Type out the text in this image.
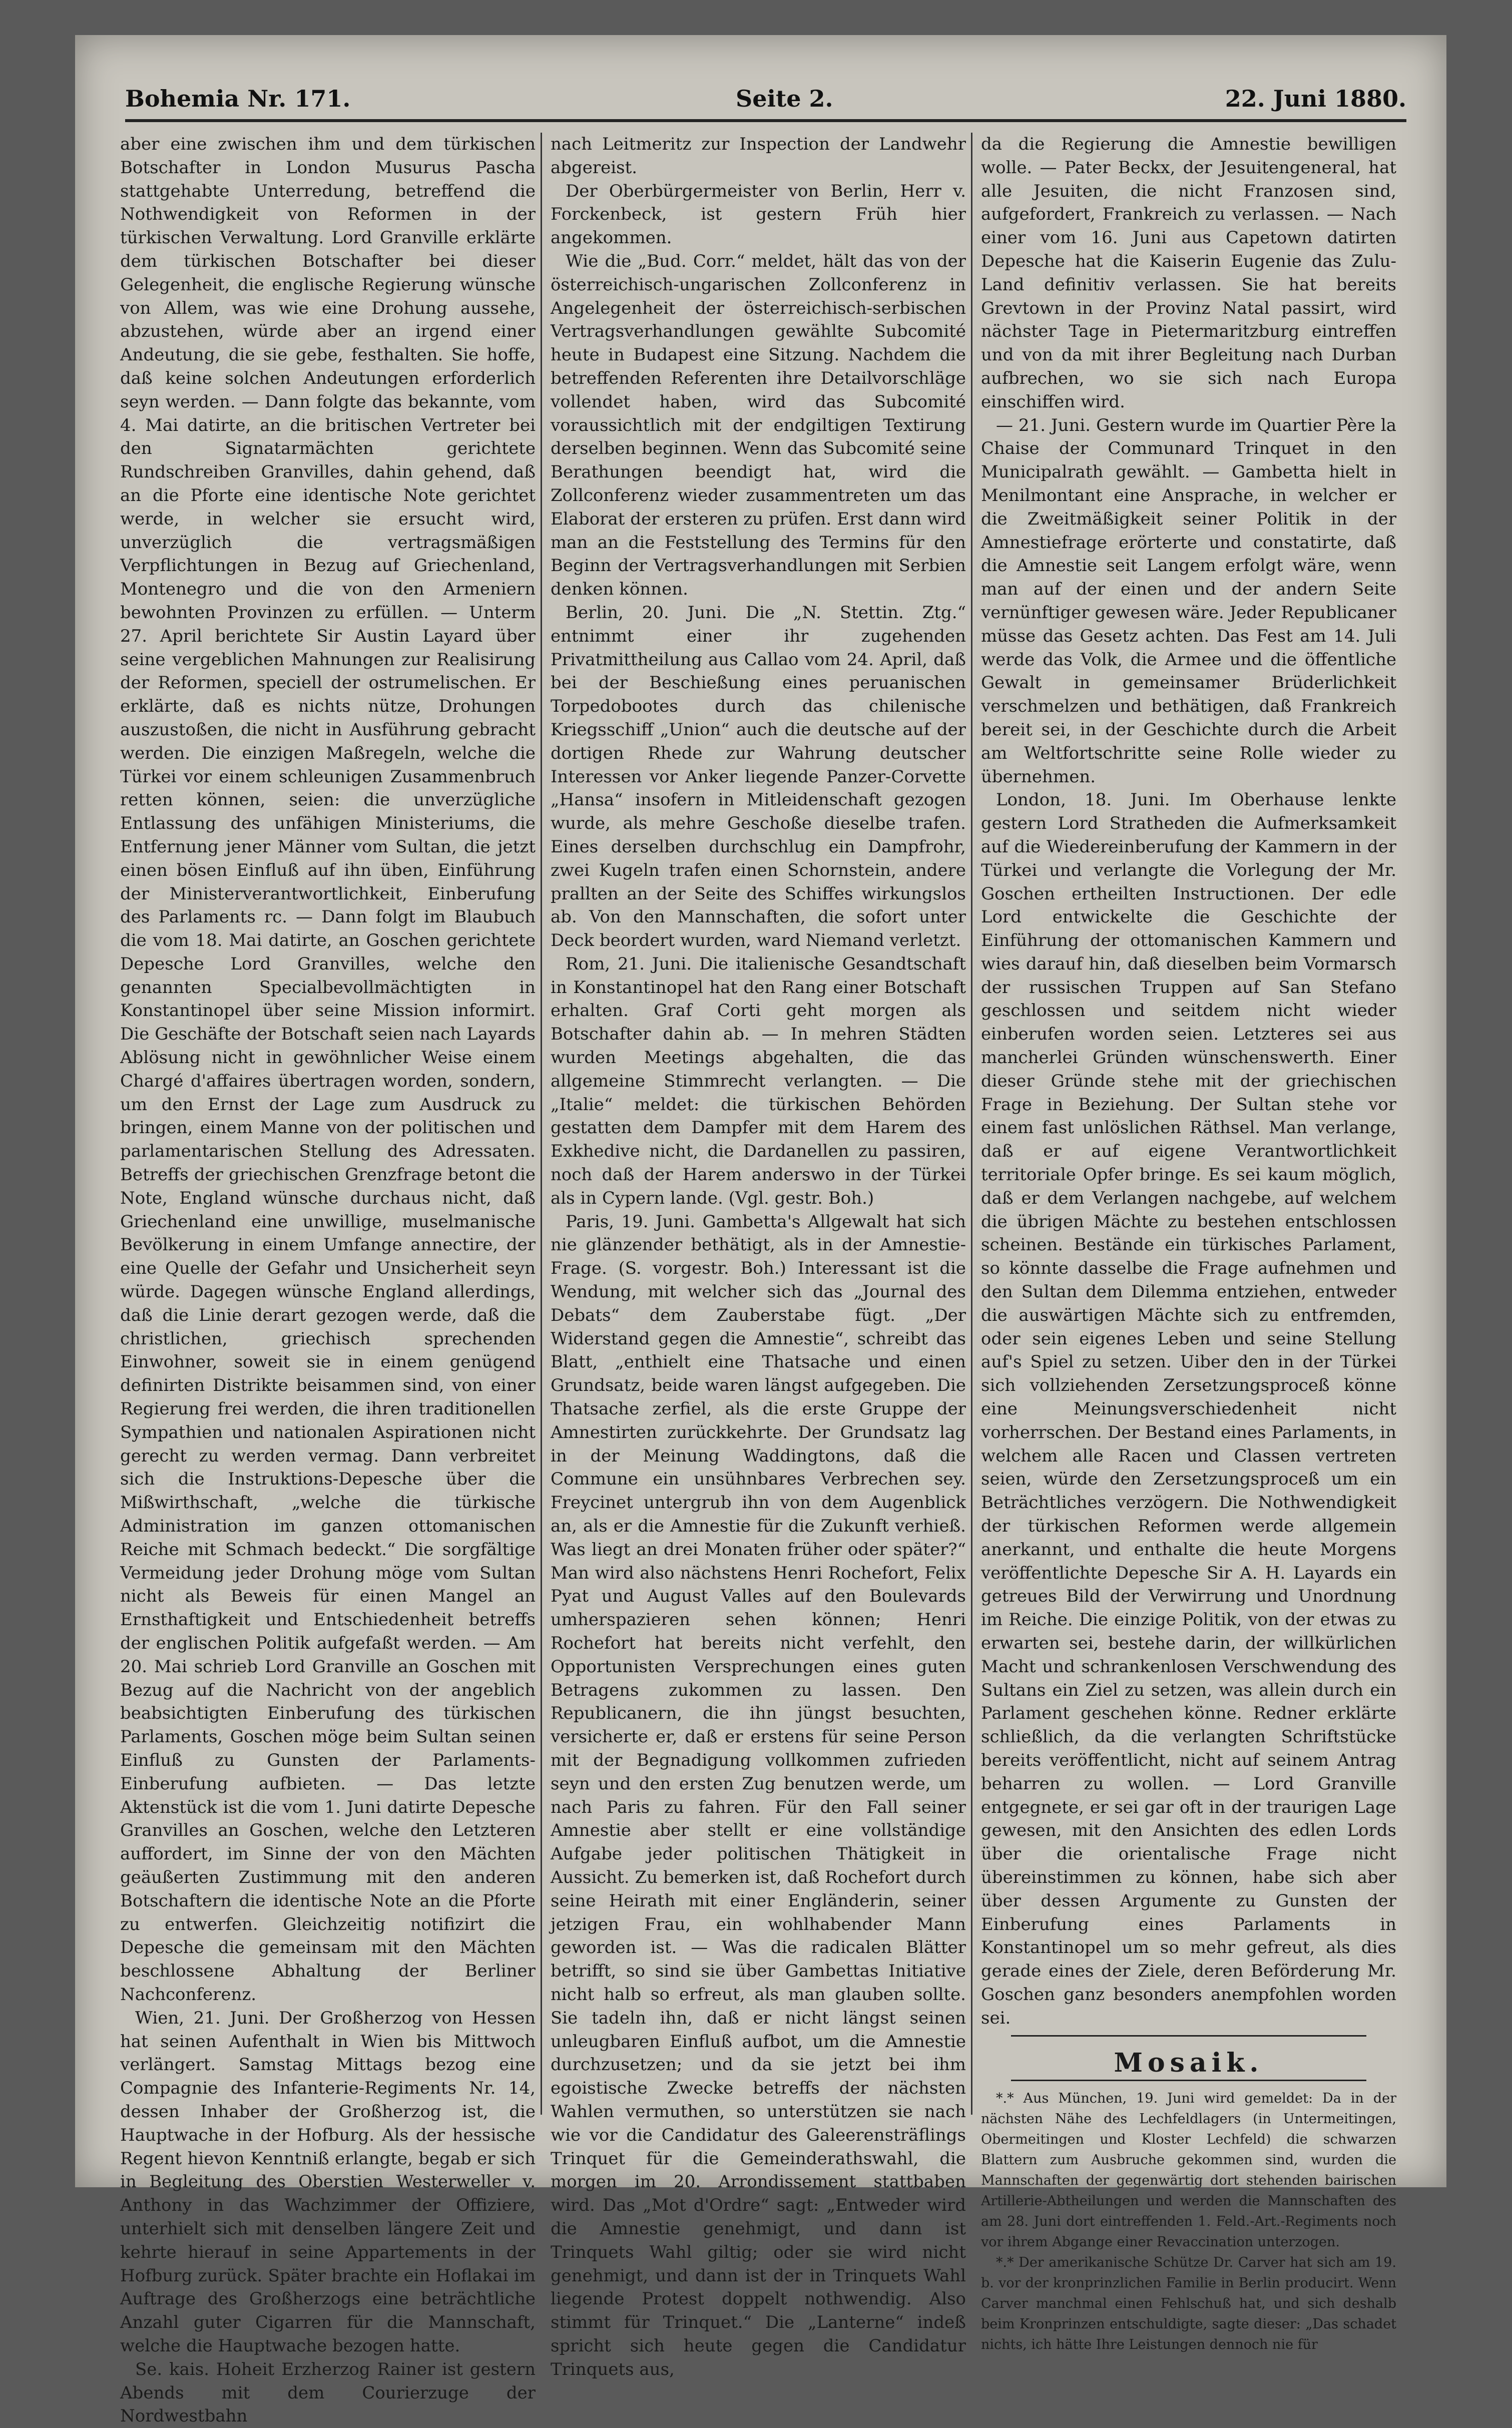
Bohemia Nr. 171.	Seite 2.	22. Juni 1880.

aber eine zwischen ihm und dem türkischen Botschafter in London Musurus Pascha stattgehabte Unterredung, betreffend die Nothwendigkeit von Reformen in der türkischen Verwaltung. Lord Granville erklärte dem türkischen Botschafter bei dieser Gelegenheit, die englische Regierung wünsche von Allem, was wie eine Drohung aussehe, abzustehen, würde aber an irgend einer Andeutung, die sie gebe, festhalten. Sie hoffe, daß keine solchen Andeutungen erforderlich seyn werden. — Dann folgte das bekannte, vom 4. Mai datirte, an die britischen Vertreter bei den Signatarmächten gerichtete Rundschreiben Granvilles, dahin gehend, daß an die Pforte eine identische Note gerichtet werde, in welcher sie ersucht wird, unverzüglich die vertragsmäßigen Verpflichtungen in Bezug auf Griechenland, Montenegro und die von den Armeniern bewohnten Provinzen zu erfüllen. — Unterm 27. April berichtete Sir Austin Layard über seine vergeblichen Mahnungen zur Realisirung der Reformen, speciell der ostrumelischen. Er erklärte, daß es nichts nütze, Drohungen auszustoßen, die nicht in Ausführung gebracht werden. Die einzigen Maßregeln, welche die Türkei vor einem schleunigen Zusammenbruch retten können, seien: die unverzügliche Entlassung des unfähigen Ministeriums, die Entfernung jener Männer vom Sultan, die jetzt einen bösen Einfluß auf ihn üben, Einführung der Ministerverantwortlichkeit, Einberufung des Parlaments rc. — Dann folgt im Blaubuch die vom 18. Mai datirte, an Goschen gerichtete Depesche Lord Granvilles, welche den genannten Specialbevollmächtigten in Konstantinopel über seine Mission informirt. Die Geschäfte der Botschaft seien nach Layards Ablösung nicht in gewöhnlicher Weise einem Chargé d'affaires übertragen worden, sondern, um den Ernst der Lage zum Ausdruck zu bringen, einem Manne von der politischen und parlamentarischen Stellung des Adressaten. Betreffs der griechischen Grenzfrage betont die Note, England wünsche durchaus nicht, daß Griechenland eine unwillige, muselmanische Bevölkerung in einem Umfange annectire, der eine Quelle der Gefahr und Unsicherheit seyn würde. Dagegen wünsche England allerdings, daß die Linie derart gezogen werde, daß die christlichen, griechisch sprechenden Einwohner, soweit sie in einem genügend definirten Distrikte beisammen sind, von einer Regierung frei werden, die ihren traditionellen Sympathien und nationalen Aspirationen nicht gerecht zu werden vermag. Dann verbreitet sich die Instruktions-Depesche über die Mißwirthschaft, „welche die türkische Administration im ganzen ottomanischen Reiche mit Schmach bedeckt.“ Die sorgfältige Vermeidung jeder Drohung möge vom Sultan nicht als Beweis für einen Mangel an Ernsthaftigkeit und Entschiedenheit betreffs der englischen Politik aufgefaßt werden. — Am 20. Mai schrieb Lord Granville an Goschen mit Bezug auf die Nachricht von der angeblich beabsichtigten Einberufung des türkischen Parlaments, Goschen möge beim Sultan seinen Einfluß zu Gunsten der Parlaments-Einberufung aufbieten. — Das letzte Aktenstück ist die vom 1. Juni datirte Depesche Granvilles an Goschen, welche den Letzteren auffordert, im Sinne der von den Mächten geäußerten Zustimmung mit den anderen Botschaftern die identische Note an die Pforte zu entwerfen. Gleichzeitig notifizirt die Depesche die gemeinsam mit den Mächten beschlossene Abhaltung der Berliner Nachconferenz.

Wien, 21. Juni. Der Großherzog von Hessen hat seinen Aufenthalt in Wien bis Mittwoch verlängert. Samstag Mittags bezog eine Compagnie des Infanterie-Regiments Nr. 14, dessen Inhaber der Großherzog ist, die Hauptwache in der Hofburg. Als der hessische Regent hievon Kenntniß erlangte, begab er sich in Begleitung des Oberstien Westerweller v. Anthony in das Wachzimmer der Offiziere, unterhielt sich mit denselben längere Zeit und kehrte hierauf in seine Appartements in der Hofburg zurück. Später brachte ein Hoflakai im Auftrage des Großherzogs eine beträchtliche Anzahl guter Cigarren für die Mannschaft, welche die Hauptwache bezogen hatte.

Se. kais. Hoheit Erzherzog Rainer ist gestern Abends mit dem Courierzuge der Nordwestbahn

nach Leitmeritz zur Inspection der Landwehr abgereist.

Der Oberbürgermeister von Berlin, Herr v. Forckenbeck, ist gestern Früh hier angekommen.

Wie die „Bud. Corr.“ meldet, hält das von der österreichisch-ungarischen Zollconferenz in Angelegenheit der österreichisch-serbischen Vertragsverhandlungen gewählte Subcomité heute in Budapest eine Sitzung. Nachdem die betreffenden Referenten ihre Detailvorschläge vollendet haben, wird das Subcomité voraussichtlich mit der endgiltigen Textirung derselben beginnen. Wenn das Subcomité seine Berathungen beendigt hat, wird die Zollconferenz wieder zusammentreten um das Elaborat der ersteren zu prüfen. Erst dann wird man an die Feststellung des Termins für den Beginn der Vertragsverhandlungen mit Serbien denken können.

Berlin, 20. Juni. Die „N. Stettin. Ztg.“ entnimmt einer ihr zugehenden Privatmittheilung aus Callao vom 24. April, daß bei der Beschießung eines peruanischen Torpedobootes durch das chilenische Kriegsschiff „Union“ auch die deutsche auf der dortigen Rhede zur Wahrung deutscher Interessen vor Anker liegende Panzer-Corvette „Hansa“ insofern in Mitleidenschaft gezogen wurde, als mehre Geschoße dieselbe trafen. Eines derselben durchschlug ein Dampfrohr, zwei Kugeln trafen einen Schornstein, andere prallten an der Seite des Schiffes wirkungslos ab. Von den Mannschaften, die sofort unter Deck beordert wurden, ward Niemand verletzt.

Rom, 21. Juni. Die italienische Gesandtschaft in Konstantinopel hat den Rang einer Botschaft erhalten. Graf Corti geht morgen als Botschafter dahin ab. — In mehren Städten wurden Meetings abgehalten, die das allgemeine Stimmrecht verlangten. — Die „Italie“ meldet: die türkischen Behörden gestatten dem Dampfer mit dem Harem des Exkhedive nicht, die Dardanellen zu passiren, noch daß der Harem anderswo in der Türkei als in Cypern lande. (Vgl. gestr. Boh.)

Paris, 19. Juni. Gambetta's Allgewalt hat sich nie glänzender bethätigt, als in der Amnestie-Frage. (S. vorgestr. Boh.) Interessant ist die Wendung, mit welcher sich das „Journal des Debats“ dem Zauberstabe fügt. „Der Widerstand gegen die Amnestie“, schreibt das Blatt, „enthielt eine Thatsache und einen Grundsatz, beide waren längst aufgegeben. Die Thatsache zerfiel, als die erste Gruppe der Amnestirten zurückkehrte. Der Grundsatz lag in der Meinung Waddingtons, daß die Commune ein unsühnbares Verbrechen sey. Freycinet untergrub ihn von dem Augenblick an, als er die Amnestie für die Zukunft verhieß. Was liegt an drei Monaten früher oder später?“ Man wird also nächstens Henri Rochefort, Felix Pyat und August Valles auf den Boulevards umherspazieren sehen können; Henri Rochefort hat bereits nicht verfehlt, den Opportunisten Versprechungen eines guten Betragens zukommen zu lassen. Den Republicanern, die ihn jüngst besuchten, versicherte er, daß er erstens für seine Person mit der Begnadigung vollkommen zufrieden seyn und den ersten Zug benutzen werde, um nach Paris zu fahren. Für den Fall seiner Amnestie aber stellt er eine vollständige Aufgabe jeder politischen Thätigkeit in Aussicht. Zu bemerken ist, daß Rochefort durch seine Heirath mit einer Engländerin, seiner jetzigen Frau, ein wohlhabender Mann geworden ist. — Was die radicalen Blätter betrifft, so sind sie über Gambettas Initiative nicht halb so erfreut, als man glauben sollte. Sie tadeln ihn, daß er nicht längst seinen unleugbaren Einfluß aufbot, um die Amnestie durchzusetzen; und da sie jetzt bei ihm egoistische Zwecke betreffs der nächsten Wahlen vermuthen, so unterstützen sie nach wie vor die Candidatur des Galeerensträflings Trinquet für die Gemeinderathswahl, die morgen im 20. Arrondissement stattbaben wird. Das „Mot d'Ordre“ sagt: „Entweder wird die Amnestie genehmigt, und dann ist Trinquets Wahl giltig; oder sie wird nicht genehmigt, und dann ist der in Trinquets Wahl liegende Protest doppelt nothwendig. Also stimmt für Trinquet.“ Die „Lanterne“ indeß spricht sich heute gegen die Candidatur Trinquets aus,

da die Regierung die Amnestie bewilligen wolle. — Pater Beckx, der Jesuitengeneral, hat alle Jesuiten, die nicht Franzosen sind, aufgefordert, Frankreich zu verlassen. — Nach einer vom 16. Juni aus Capetown datirten Depesche hat die Kaiserin Eugenie das Zulu-Land definitiv verlassen. Sie hat bereits Grevtown in der Provinz Natal passirt, wird nächster Tage in Pietermaritzburg eintreffen und von da mit ihrer Begleitung nach Durban aufbrechen, wo sie sich nach Europa einschiffen wird.

— 21. Juni. Gestern wurde im Quartier Père la Chaise der Communard Trinquet in den Municipalrath gewählt. — Gambetta hielt in Menilmontant eine Ansprache, in welcher er die Zweitmäßigkeit seiner Politik in der Amnestiefrage erörterte und constatirte, daß die Amnestie seit Langem erfolgt wäre, wenn man auf der einen und der andern Seite vernünftiger gewesen wäre. Jeder Republicaner müsse das Gesetz achten. Das Fest am 14. Juli werde das Volk, die Armee und die öffentliche Gewalt in gemeinsamer Brüderlichkeit verschmelzen und bethätigen, daß Frankreich bereit sei, in der Geschichte durch die Arbeit am Weltfortschritte seine Rolle wieder zu übernehmen.

London, 18. Juni. Im Oberhause lenkte gestern Lord Stratheden die Aufmerksamkeit auf die Wiedereinberufung der Kammern in der Türkei und verlangte die Vorlegung der Mr. Goschen ertheilten Instructionen. Der edle Lord entwickelte die Geschichte der Einführung der ottomanischen Kammern und wies darauf hin, daß dieselben beim Vormarsch der russischen Truppen auf San Stefano geschlossen und seitdem nicht wieder einberufen worden seien. Letzteres sei aus mancherlei Gründen wünschenswerth. Einer dieser Gründe stehe mit der griechischen Frage in Beziehung. Der Sultan stehe vor einem fast unlöslichen Räthsel. Man verlange, daß er auf eigene Verantwortlichkeit territoriale Opfer bringe. Es sei kaum möglich, daß er dem Verlangen nachgebe, auf welchem die übrigen Mächte zu bestehen entschlossen scheinen. Bestände ein türkisches Parlament, so könnte dasselbe die Frage aufnehmen und den Sultan dem Dilemma entziehen, entweder die auswärtigen Mächte sich zu entfremden, oder sein eigenes Leben und seine Stellung auf's Spiel zu setzen. Uiber den in der Türkei sich vollziehenden Zersetzungsproceß könne eine Meinungsverschiedenheit nicht vorherrschen. Der Bestand eines Parlaments, in welchem alle Racen und Classen vertreten seien, würde den Zersetzungsproceß um ein Beträchtliches verzögern. Die Nothwendigkeit der türkischen Reformen werde allgemein anerkannt, und enthalte die heute Morgens veröffentlichte Depesche Sir A. H. Layards ein getreues Bild der Verwirrung und Unordnung im Reiche. Die einzige Politik, von der etwas zu erwarten sei, bestehe darin, der willkürlichen Macht und schrankenlosen Verschwendung des Sultans ein Ziel zu setzen, was allein durch ein Parlament geschehen könne. Redner erklärte schließlich, da die verlangten Schriftstücke bereits veröffentlicht, nicht auf seinem Antrag beharren zu wollen. — Lord Granville entgegnete, er sei gar oft in der traurigen Lage gewesen, mit den Ansichten des edlen Lords über die orientalische Frage nicht übereinstimmen zu können, habe sich aber über dessen Argumente zu Gunsten der Einberufung eines Parlaments in Konstantinopel um so mehr gefreut, als dies gerade eines der Ziele, deren Beförderung Mr. Goschen ganz besonders anempfohlen worden sei.

Mosaik.

*.* Aus München, 19. Juni wird gemeldet: Da in der nächsten Nähe des Lechfeldlagers (in Untermeitingen, Obermeitingen und Kloster Lechfeld) die schwarzen Blattern zum Ausbruche gekommen sind, wurden die Mannschaften der gegenwärtig dort stehenden bairischen Artillerie-Abtheilungen und werden die Mannschaften des am 28. Juni dort eintreffenden 1. Feld.-Art.-Regiments noch vor ihrem Abgange einer Revaccination unterzogen.

*.* Der amerikanische Schütze Dr. Carver hat sich am 19. b. vor der kronprinzlichen Familie in Berlin producirt. Wenn Carver manchmal einen Fehlschuß hat, und sich deshalb beim Kronprinzen entschuldigte, sagte dieser: „Das schadet nichts, ich hätte Ihre Leistungen dennoch nie für
